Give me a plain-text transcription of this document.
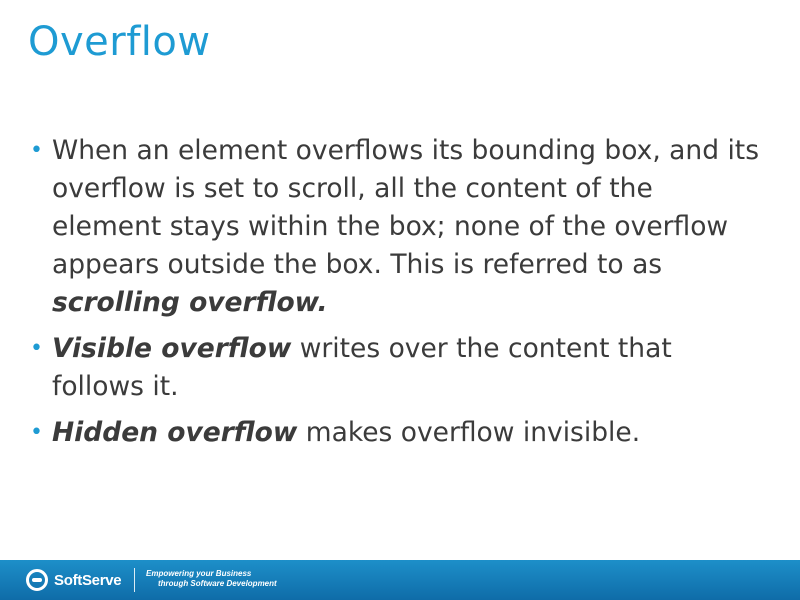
Overflow
• When an element overflows its bounding box, and its overflow is set to scroll, all the content of the element stays within the box; none of the overflow appears outside the box. This is referred to as scrolling overflow.
• Visible overflow writes over the content that follows it.
• Hidden overflow makes overflow invisible.
SoftServe	Empowering your Business
through Software Development
